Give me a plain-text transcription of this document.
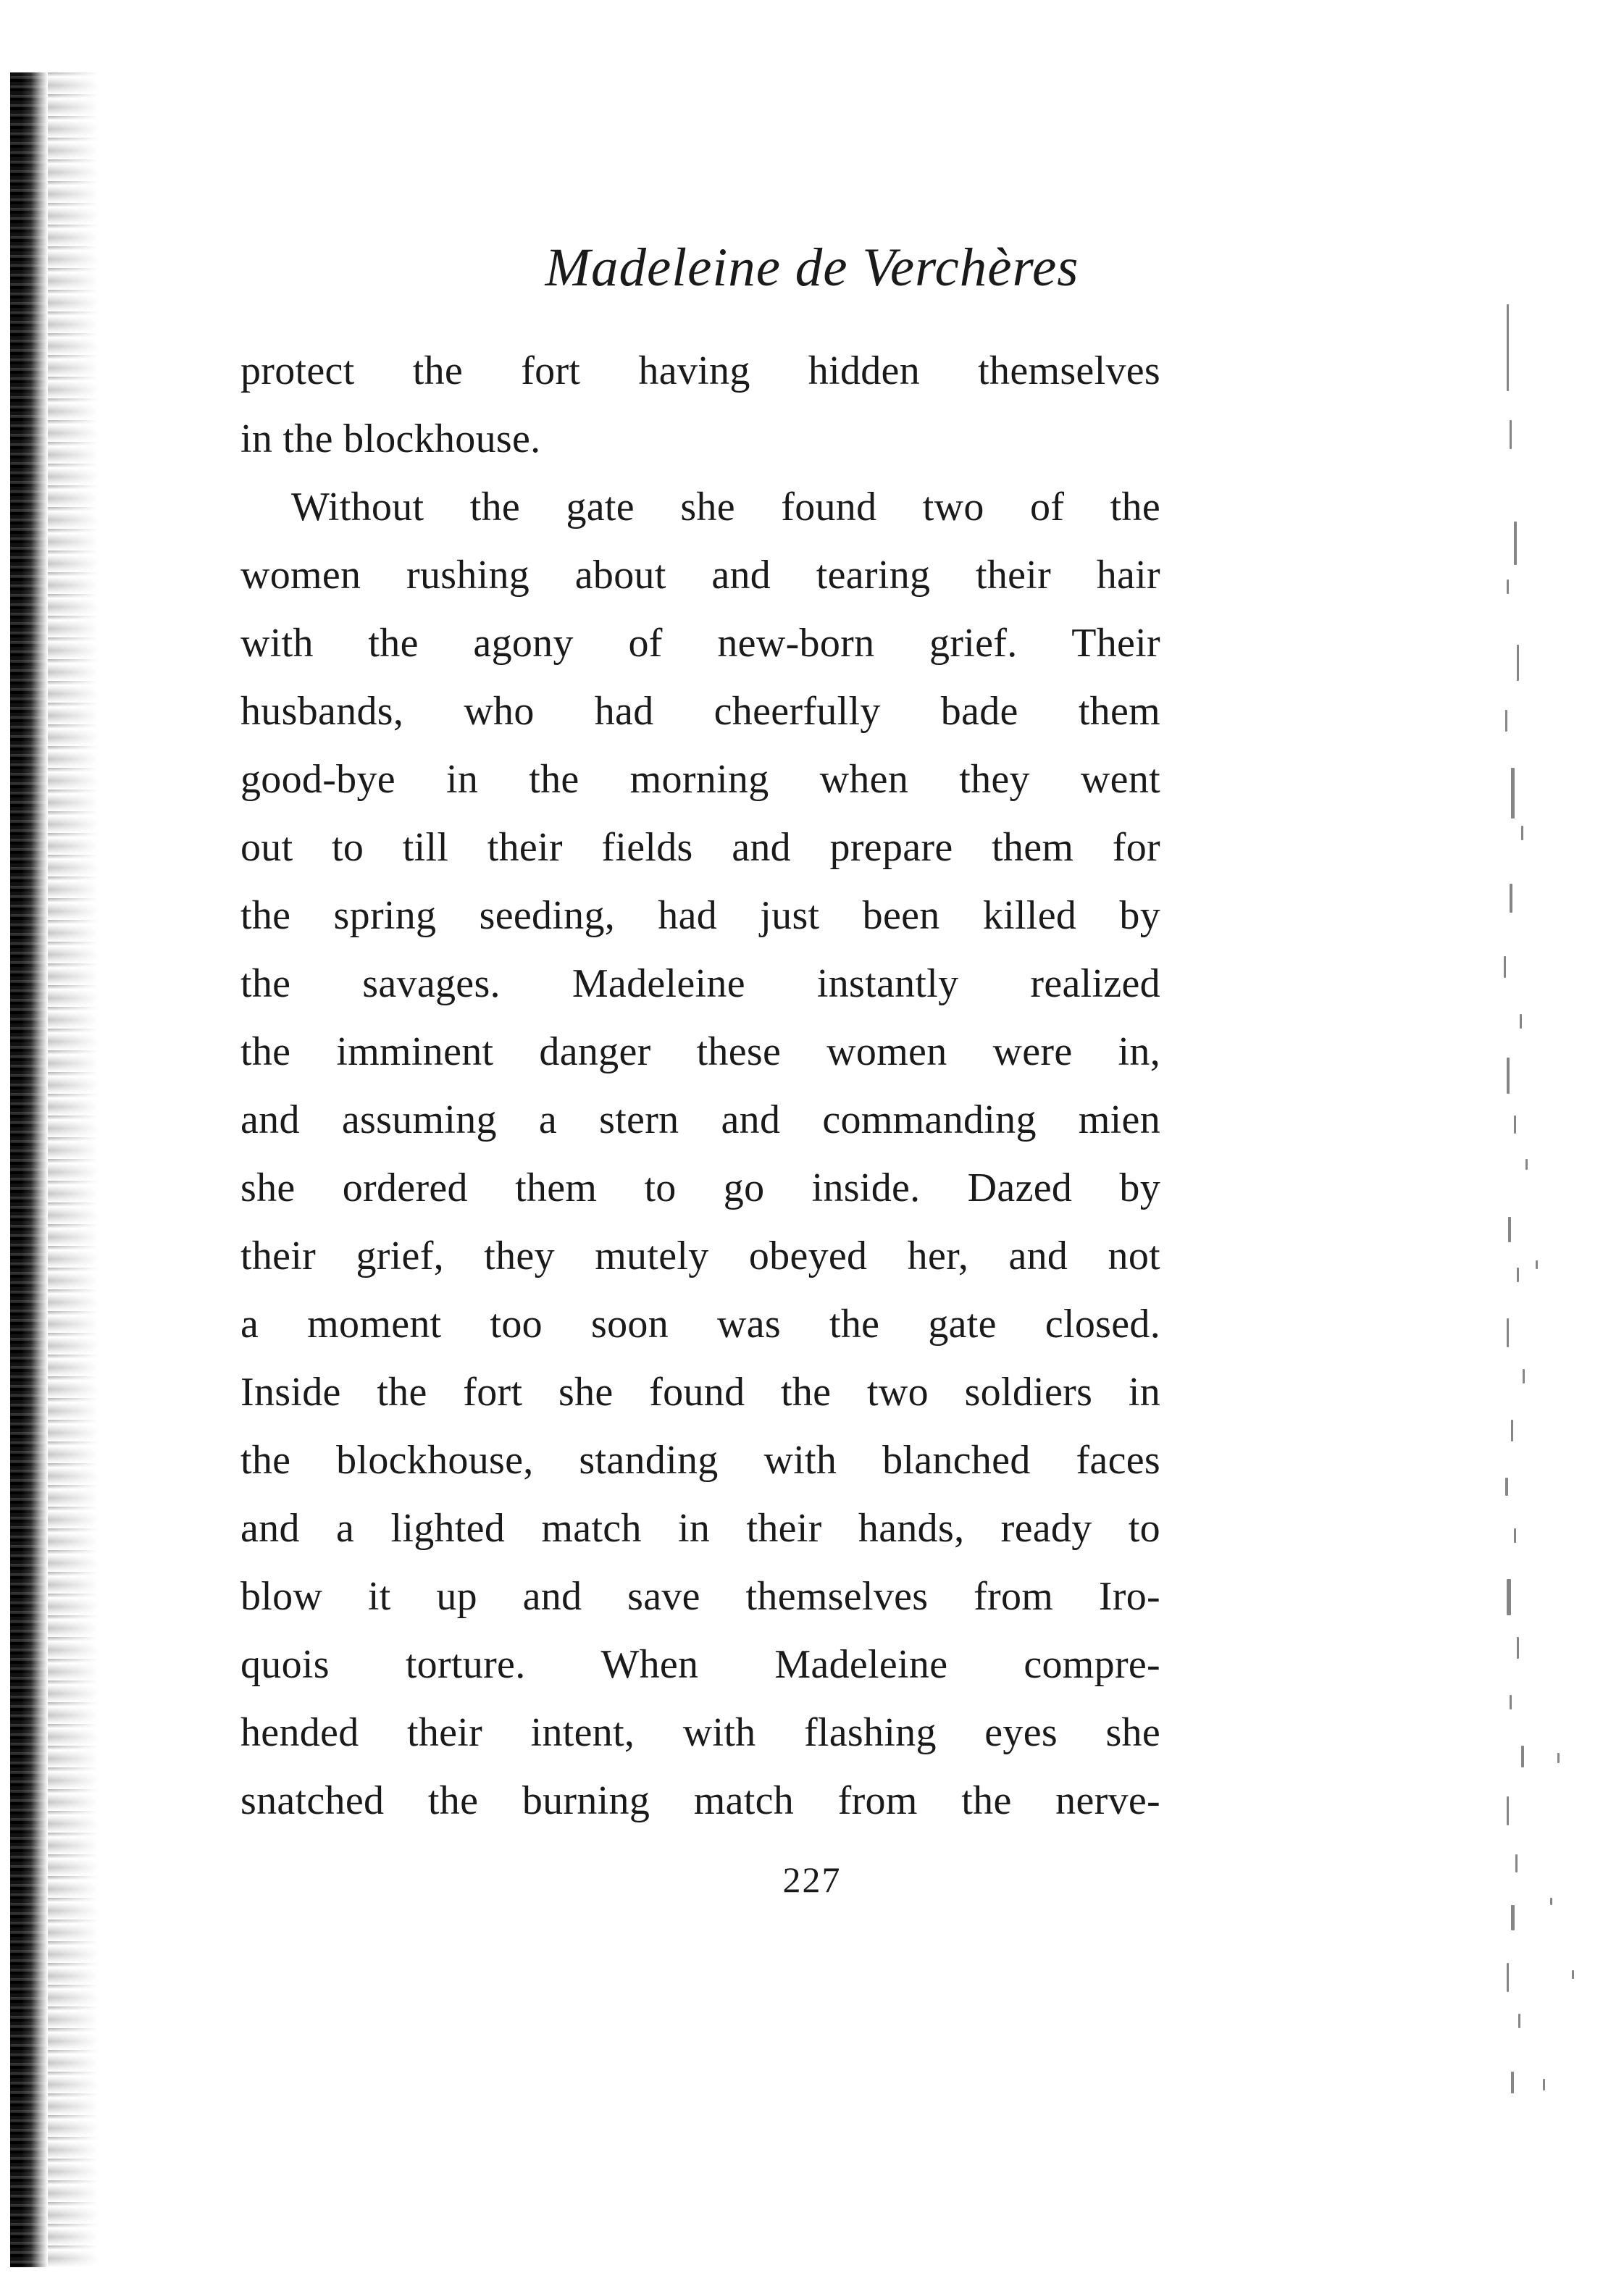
Madeleine de Verchères
protect the fort having hidden themselves
in the blockhouse.
Without the gate she found two of the
women rushing about and tearing their hair
with the agony of new-born grief. Their
husbands, who had cheerfully bade them
good-bye in the morning when they went
out to till their fields and prepare them for
the spring seeding, had just been killed by
the savages. Madeleine instantly realized
the imminent danger these women were in,
and assuming a stern and commanding mien
she ordered them to go inside. Dazed by
their grief, they mutely obeyed her, and not
a moment too soon was the gate closed.
Inside the fort she found the two soldiers in
the blockhouse, standing with blanched faces
and a lighted match in their hands, ready to
blow it up and save themselves from Iro-
quois torture. When Madeleine compre-
hended their intent, with flashing eyes she
snatched the burning match from the nerve-

227
